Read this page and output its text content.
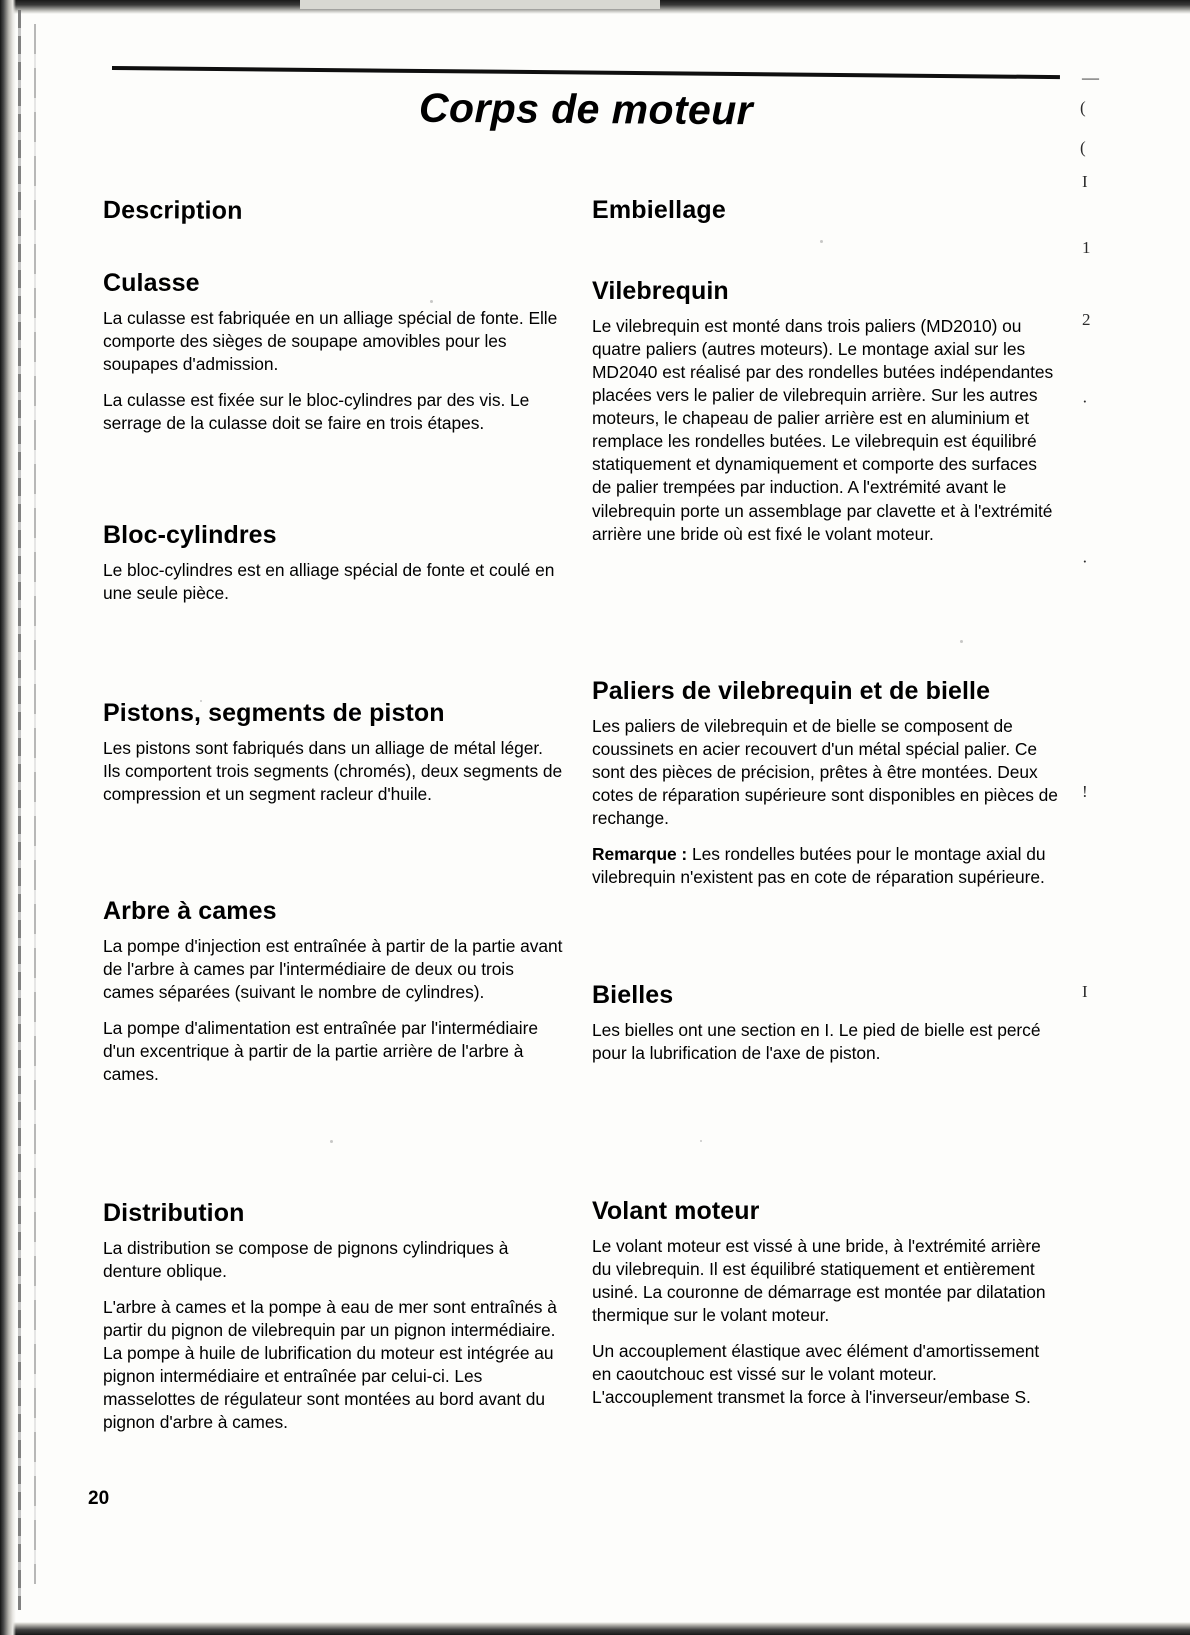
Corps de moteur
Description
Culasse

La culasse est fabriquée en un alliage spécial de fonte. Elle comporte des sièges de soupape amovibles pour les soupapes d'admission.

La culasse est fixée sur le bloc-cylindres par des vis. Le serrage de la culasse doit se faire en trois étapes.

Bloc-cylindres

Le bloc-cylindres est en alliage spécial de fonte et coulé en une seule pièce.

Pistons, segments de piston

Les pistons sont fabriqués dans un alliage de métal léger. Ils comportent trois segments (chromés), deux segments de compression et un segment racleur d'huile.

Arbre à cames

La pompe d'injection est entraînée à partir de la partie avant de l'arbre à cames par l'intermédiaire de deux ou trois cames séparées (suivant le nombre de cylindres).

La pompe d'alimentation est entraînée par l'intermédiaire d'un excentrique à partir de la partie arrière de l'arbre à cames.

Distribution

La distribution se compose de pignons cylindriques à denture oblique.

L'arbre à cames et la pompe à eau de mer sont entraînés à partir du pignon de vilebrequin par un pignon intermédiaire. La pompe à huile de lubrification du moteur est intégrée au pignon intermédiaire et entraînée par celui-ci. Les masselottes de régulateur sont montées au bord avant du pignon d'arbre à cames.

Embiellage
Vilebrequin

Le vilebrequin est monté dans trois paliers (MD2010) ou quatre paliers (autres moteurs). Le montage axial sur les MD2040 est réalisé par des rondelles butées indépendantes placées vers le palier de vilebrequin arrière. Sur les autres moteurs, le chapeau de palier arrière est en aluminium et remplace les rondelles butées. Le vilebrequin est équilibré statiquement et dynamiquement et comporte des surfaces de palier trempées par induction. A l'extrémité avant le vilebrequin porte un assemblage par clavette et à l'extrémité arrière une bride où est fixé le volant moteur.

Paliers de vilebrequin et de bielle

Les paliers de vilebrequin et de bielle se composent de coussinets en acier recouvert d'un métal spécial palier. Ce sont des pièces de précision, prêtes à être montées. Deux cotes de réparation supérieure sont disponibles en pièces de rechange.

Remarque : Les rondelles butées pour le montage axial du vilebrequin n'existent pas en cote de réparation supérieure.

Bielles

Les bielles ont une section en I. Le pied de bielle est percé pour la lubrification de l'axe de piston.

Volant moteur

Le volant moteur est vissé à une bride, à l'extrémité arrière du vilebrequin. Il est équilibré statiquement et entièrement usiné. La couronne de démarrage est montée par dilatation thermique sur le volant moteur.

Un accouplement élastique avec élément d'amortissement en caoutchouc est vissé sur le volant moteur. L'accouplement transmet la force à l'inverseur/embase S.

20
—
(
(
I
1
2
·
·
!
I
